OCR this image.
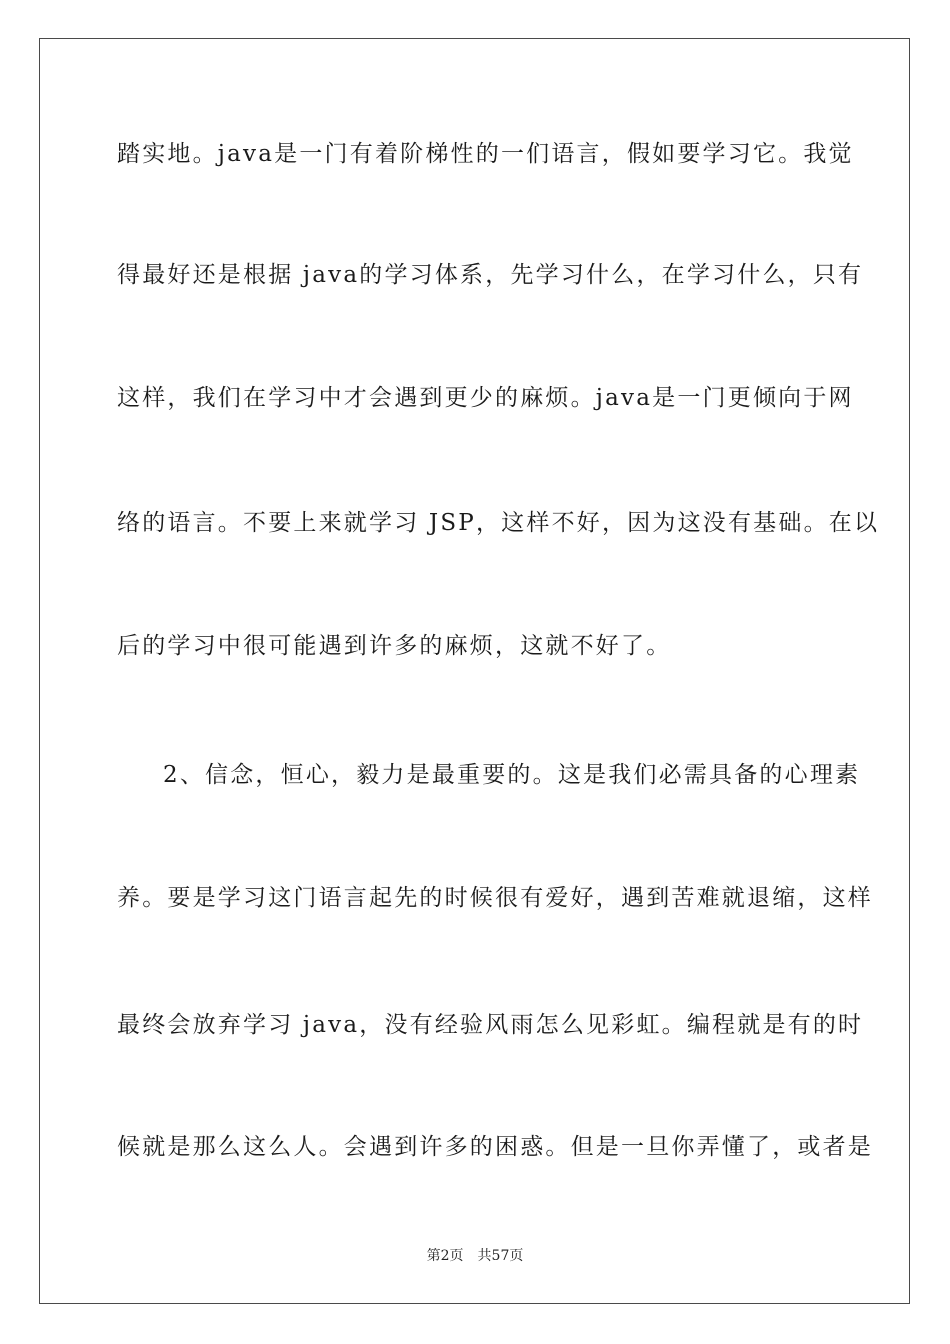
踏实地。java是一门有着阶梯性的一们语言，假如要学习它。我觉
得最好还是根据 java的学习体系，先学习什么，在学习什么，只有
这样，我们在学习中才会遇到更少的麻烦。java是一门更倾向于网
络的语言。不要上来就学习 JSP，这样不好，因为这没有基础。在以
后的学习中很可能遇到许多的麻烦，这就不好了。
2、信念，恒心，毅力是最重要的。这是我们必需具备的心理素
养。要是学习这门语言起先的时候很有爱好，遇到苦难就退缩，这样
最终会放弃学习 java，没有经验风雨怎么见彩虹。编程就是有的时
候就是那么这么人。会遇到许多的困惑。但是一旦你弄懂了，或者是
第2页 共57页
